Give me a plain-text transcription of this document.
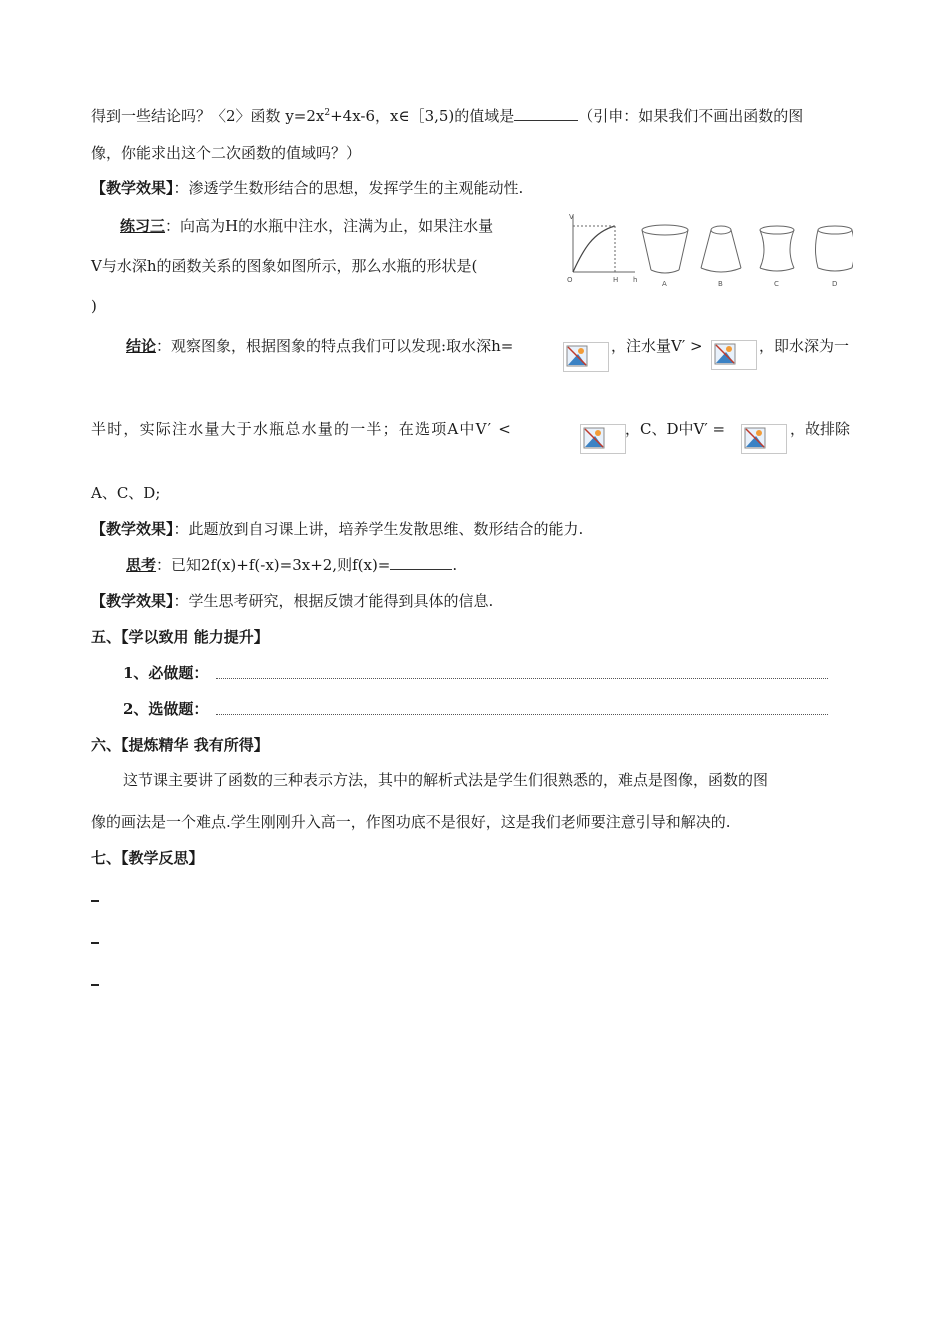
得到一些结论吗？〈2〉函数 $y=2x^2+4x-6$，x∈［3,5)的值域是	（引申：如果我们不画出函数的图
像，你能求出这个二次函数的值域吗？）
【教学效果】：渗透学生数形结合的思想，发挥学生的主观能动性.
练习三：向高为H的水瓶中注水，注满为止，如果注水量
V与水深h的函数关系的图象如图所示，那么水瓶的形状是(
)
V
h
O	H	A	B	C	D
结论：观察图象，根据图象的特点我们可以发现:取水深h=	，注水量V′ >	，即水深为一
半时，实际注水量大于水瓶总水量的一半；在选项A中V′ <	，C、D中V′ =	，故排除
A、C、D;
【教学效果】：此题放到自习课上讲，培养学生发散思维、数形结合的能力.
思考：已知2f(x)+f(-x)=3x+2,则f(x)=	.
【教学效果】：学生思考研究，根据反馈才能得到具体的信息.
五、【学以致用 能力提升】
1、必做题：
2、选做题：
六、【提炼精华 我有所得】
这节课主要讲了函数的三种表示方法，其中的解析式法是学生们很熟悉的，难点是图像，函数的图
像的画法是一个难点.学生刚刚升入高一，作图功底不是很好，这是我们老师要注意引导和解决的.
七、【教学反思】
